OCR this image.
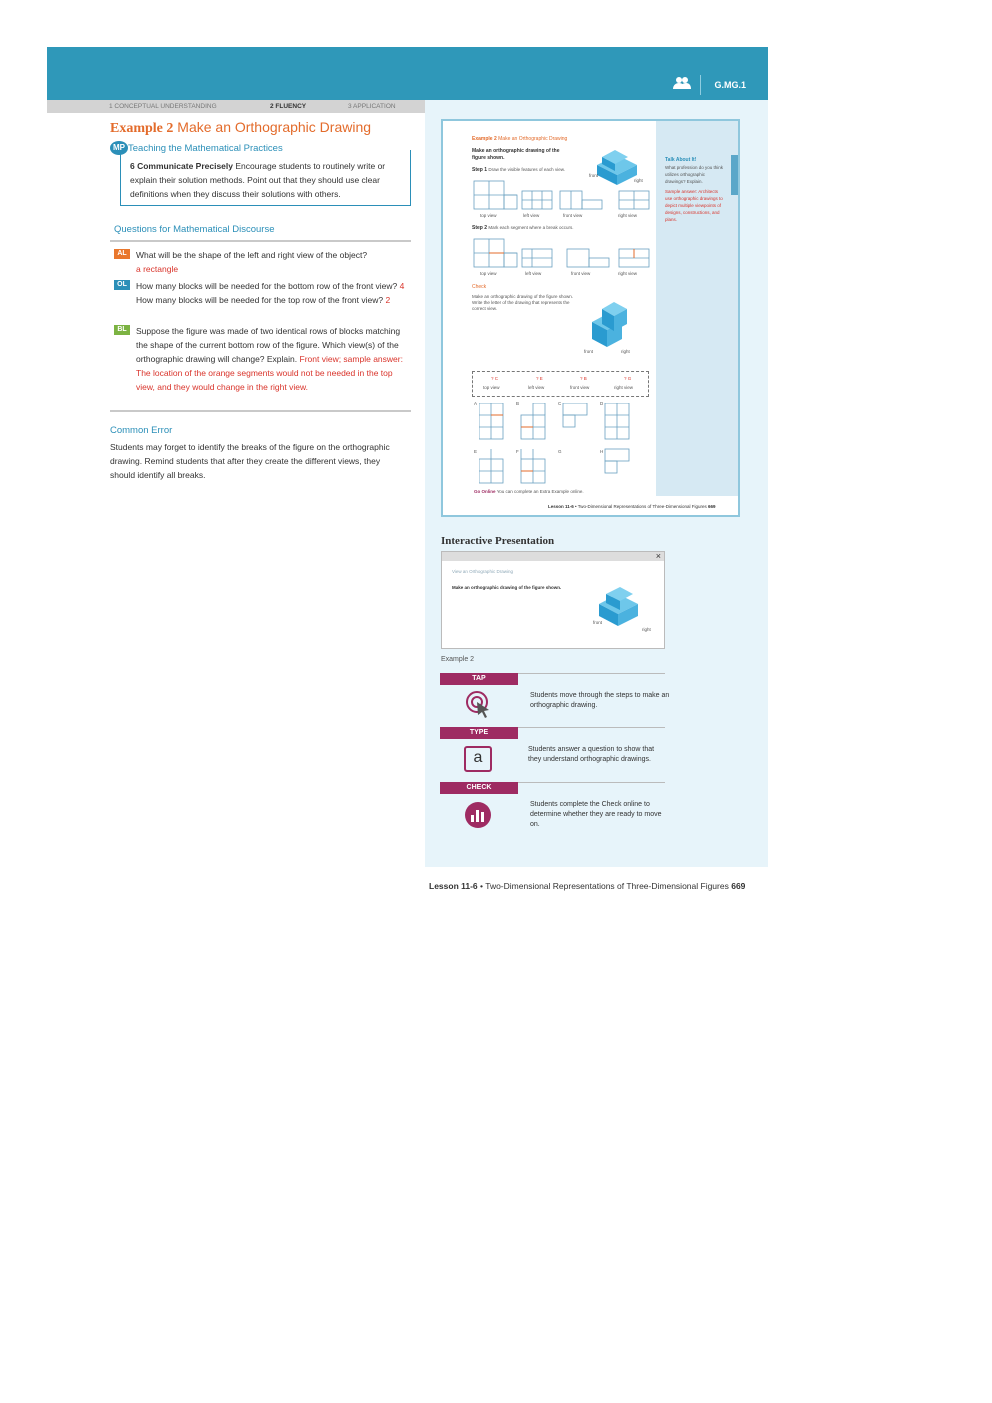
G.MG.1
1 CONCEPTUAL UNDERSTANDING	2 FLUENCY	3 APPLICATION
Example 2 Make an Orthographic Drawing
Teaching the Mathematical Practices
MP
6 Communicate Precisely Encourage students to routinely write or explain their solution methods. Point out that they should use clear definitions when they discuss their solutions with others.
Questions for Mathematical Discourse
AL	What will be the shape of the left and right view of the object?
a rectangle
OL	How many blocks will be needed for the bottom row of the front view? 4 How many blocks will be needed for the top row of the front view? 2
BL	Suppose the figure was made of two identical rows of blocks matching the shape of the current bottom row of the figure. Which view(s) of the orthographic drawing will change? Explain. Front view; sample answer: The location of the orange segments would not be needed in the top view, and they would change in the right view.
Common Error
Students may forget to identify the breaks of the figure on the orthographic drawing. Remind students that after they create the different views, they should identify all breaks.
Talk About It!
What profession do you think utilizes orthographic drawings? Explain.
Sample answer: Architects use orthographic drawings to depict multiple viewpoints of designs, constructions, and plans.
Example 2 Make an Orthographic Drawing
Make an orthographic drawing of the figure shown.
Step 1 Draw the visible features of each view.
front
right
top view	left view	front view	right view
Step 2 Mark each segment where a break occurs.
top view	left view	front view	right view
Check
Make an orthographic drawing of the figure shown. Write the letter of the drawing that represents the correct view.
front	right
? C	? E	? B	? G
top view	left view	front view	right view
A	B	C	D
E	F	G	H
Go Online You can complete an Extra Example online.
Lesson 11-6 • Two-Dimensional Representations of Three-Dimensional Figures 669
Interactive Presentation
×
View an Orthographic Drawing
Make an orthographic drawing of the figure shown.
front
right
Example 2
TAP
Students move through the steps to make an orthographic drawing.
TYPE
a	Students answer a question to show that they understand orthographic drawings.
CHECK
Students complete the Check online to determine whether they are ready to move on.
Lesson 11-6 • Two-Dimensional Representations of Three-Dimensional Figures 669
